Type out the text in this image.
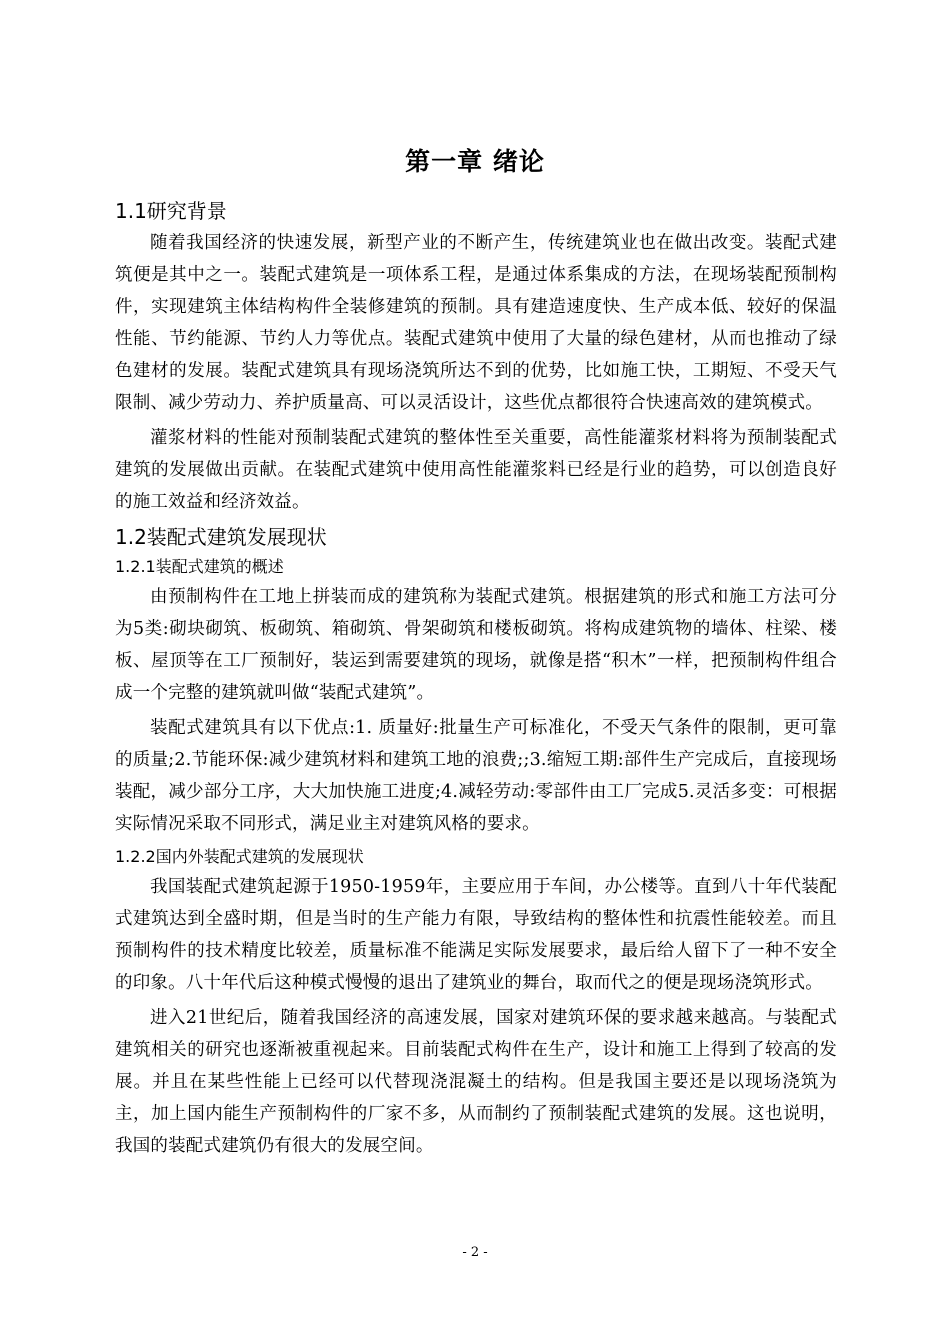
第一章 绪论
1.1研究背景

随着我国经济的快速发展，新型产业的不断产生，传统建筑业也在做出改变。装配式建筑便是其中之一。装配式建筑是一项体系工程，是通过体系集成的方法，在现场装配预制构件，实现建筑主体结构构件全装修建筑的预制。具有建造速度快、生产成本低、较好的保温性能、节约能源、节约人力等优点。装配式建筑中使用了大量的绿色建材，从而也推动了绿色建材的发展。装配式建筑具有现场浇筑所达不到的优势，比如施工快，工期短、不受天气限制、减少劳动力、养护质量高、可以灵活设计，这些优点都很符合快速高效的建筑模式。

灌浆材料的性能对预制装配式建筑的整体性至关重要，高性能灌浆材料将为预制装配式建筑的发展做出贡献。在装配式建筑中使用高性能灌浆料已经是行业的趋势，可以创造良好的施工效益和经济效益。

1.2装配式建筑发展现状
1.2.1装配式建筑的概述

由预制构件在工地上拼装而成的建筑称为装配式建筑。根据建筑的形式和施工方法可分为5类:砌块砌筑、板砌筑、箱砌筑、骨架砌筑和楼板砌筑。将构成建筑物的墙体、柱梁、楼板、屋顶等在工厂预制好，装运到需要建筑的现场，就像是搭“积木”一样，把预制构件组合成一个完整的建筑就叫做“装配式建筑”。

装配式建筑具有以下优点:1. 质量好:批量生产可标准化，不受天气条件的限制，更可靠的质量;2.节能环保:减少建筑材料和建筑工地的浪费;;3.缩短工期:部件生产完成后，直接现场装配，减少部分工序，大大加快施工进度;4.减轻劳动:零部件由工厂完成5.灵活多变：可根据实际情况采取不同形式，满足业主对建筑风格的要求。

1.2.2国内外装配式建筑的发展现状

我国装配式建筑起源于1950-1959年，主要应用于车间，办公楼等。直到八十年代装配式建筑达到全盛时期，但是当时的生产能力有限，导致结构的整体性和抗震性能较差。而且预制构件的技术精度比较差，质量标准不能满足实际发展要求，最后给人留下了一种不安全的印象。八十年代后这种模式慢慢的退出了建筑业的舞台，取而代之的便是现场浇筑形式。

进入21世纪后，随着我国经济的高速发展，国家对建筑环保的要求越来越高。与装配式建筑相关的研究也逐渐被重视起来。目前装配式构件在生产，设计和施工上得到了较高的发展。并且在某些性能上已经可以代替现浇混凝土的结构。但是我国主要还是以现场浇筑为主，加上国内能生产预制构件的厂家不多，从而制约了预制装配式建筑的发展。这也说明，我国的装配式建筑仍有很大的发展空间。

- 2 -
